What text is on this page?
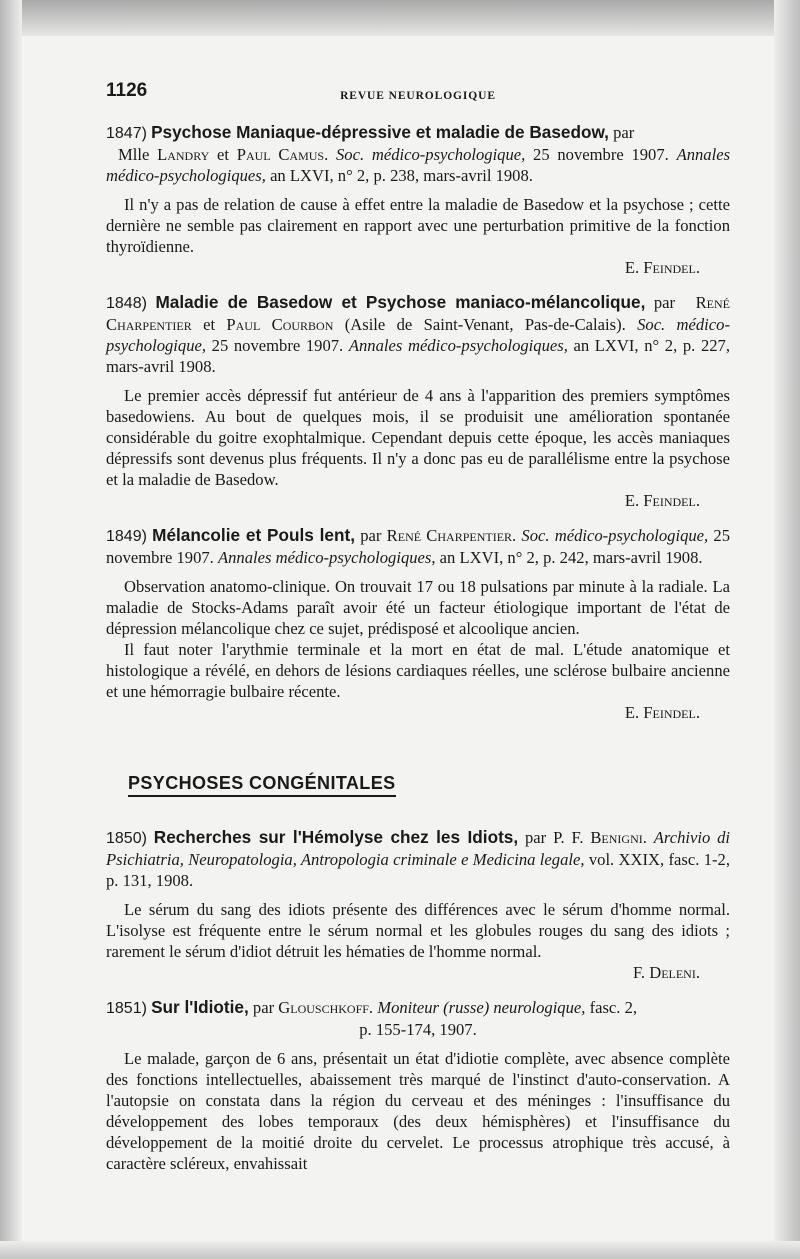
1126	REVUE NEUROLOGIQUE
1847) Psychose Maniaque-dépressive et maladie de Basedow, par
Mlle Landry et Paul Camus. Soc. médico-psychologique, 25 novembre 1907. Annales médico-psychologiques, an LXVI, n° 2, p. 238, mars-avril 1908.
Il n'y a pas de relation de cause à effet entre la maladie de Basedow et la psychose ; cette dernière ne semble pas clairement en rapport avec une perturbation primitive de la fonction thyroïdienne.
E. Feindel.
1848) Maladie de Basedow et Psychose maniaco-mélancolique, par René Charpentier et Paul Courbon (Asile de Saint-Venant, Pas-de-Calais). Soc. médico-psychologique, 25 novembre 1907. Annales médico-psychologiques, an LXVI, n° 2, p. 227, mars-avril 1908.
Le premier accès dépressif fut antérieur de 4 ans à l'apparition des premiers symptômes basedowiens. Au bout de quelques mois, il se produisit une amélioration spontanée considérable du goitre exophtalmique. Cependant depuis cette époque, les accès maniaques dépressifs sont devenus plus fréquents. Il n'y a donc pas eu de parallélisme entre la psychose et la maladie de Basedow.
E. Feindel.
1849) Mélancolie et Pouls lent, par René Charpentier. Soc. médico-psychologique, 25 novembre 1907. Annales médico-psychologiques, an LXVI, n° 2, p. 242, mars-avril 1908.

Observation anatomo-clinique. On trouvait 17 ou 18 pulsations par minute à la radiale. La maladie de Stocks-Adams paraît avoir été un facteur étiologique important de l'état de dépression mélancolique chez ce sujet, prédisposé et alcoolique ancien.

Il faut noter l'arythmie terminale et la mort en état de mal. L'étude anatomique et histologique a révélé, en dehors de lésions cardiaques réelles, une sclérose bulbaire ancienne et une hémorragie bulbaire récente.

E. Feindel.
PSYCHOSES CONGÉNITALES
1850) Recherches sur l'Hémolyse chez les Idiots, par P. F. Benigni. Archivio di Psichiatria, Neuropatologia, Antropologia criminale e Medicina legale, vol. XXIX, fasc. 1-2, p. 131, 1908.
Le sérum du sang des idiots présente des différences avec le sérum d'homme normal. L'isolyse est fréquente entre le sérum normal et les globules rouges du sang des idiots ; rarement le sérum d'idiot détruit les hématies de l'homme normal.
F. Deleni.
1851) Sur l'Idiotie, par Glouschkoff. Moniteur (russe) neurologique, fasc. 2,
p. 155-174, 1907.
Le malade, garçon de 6 ans, présentait un état d'idiotie complète, avec absence complète des fonctions intellectuelles, abaissement très marqué de l'instinct d'auto-conservation. A l'autopsie on constata dans la région du cerveau et des méninges : l'insuffisance du développement des lobes temporaux (des deux hémisphères) et l'insuffisance du développement de la moitié droite du cervelet. Le processus atrophique très accusé, à caractère scléreux, envahissait
